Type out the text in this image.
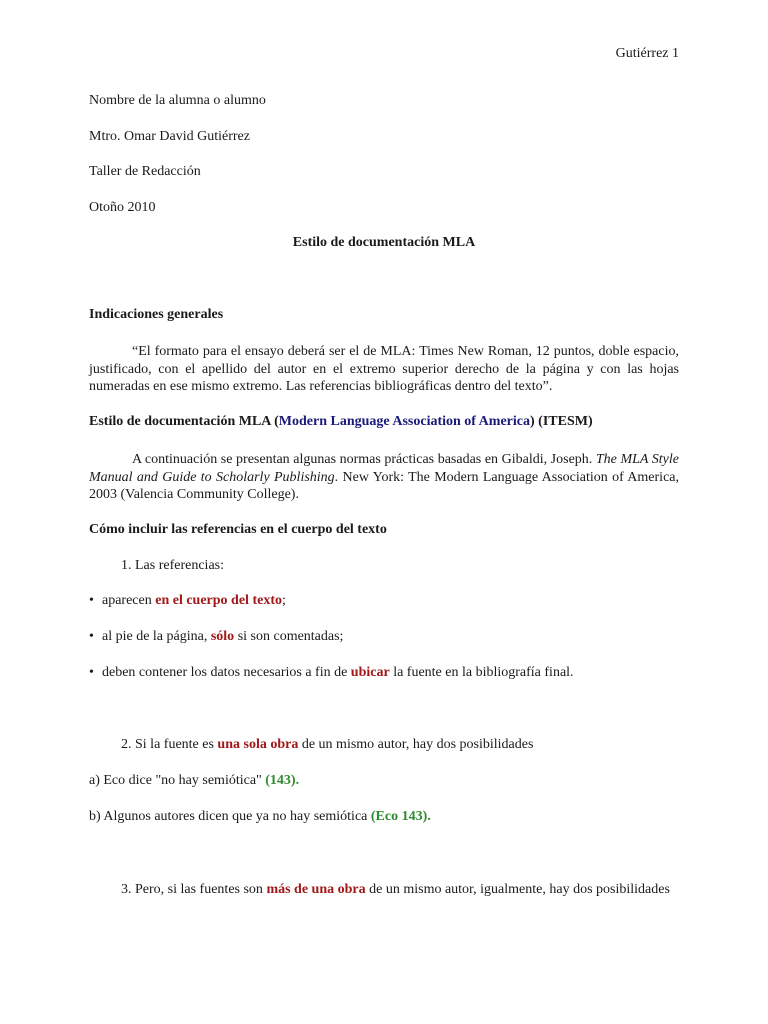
Gutiérrez 1
Nombre de la alumna o alumno
Mtro. Omar David Gutiérrez
Taller de Redacción
Otoño 2010
Estilo de documentación MLA
Indicaciones generales
“El formato para el ensayo deberá ser el de MLA: Times New Roman, 12 puntos, doble espacio, justificado, con el apellido del autor en el extremo superior derecho de la página y con las hojas numeradas en ese mismo extremo. Las referencias bibliográficas dentro del texto”.
Estilo de documentación MLA (Modern Language Association of America) (ITESM)
A continuación se presentan algunas normas prácticas basadas en Gibaldi, Joseph. The MLA Style Manual and Guide to Scholarly Publishing. New York: The Modern Language Association of America, 2003 (Valencia Community College).
Cómo incluir las referencias en el cuerpo del texto
1. Las referencias:
• aparecen en el cuerpo del texto;
• al pie de la página, sólo si son comentadas;
• deben contener los datos necesarios a fin de ubicar la fuente en la bibliografía final.
2. Si la fuente es una sola obra de un mismo autor, hay dos posibilidades
a) Eco dice "no hay semiótica" (143).
b) Algunos autores dicen que ya no hay semiótica (Eco 143).
3. Pero, si las fuentes son más de una obra de un mismo autor, igualmente, hay dos posibilidades
